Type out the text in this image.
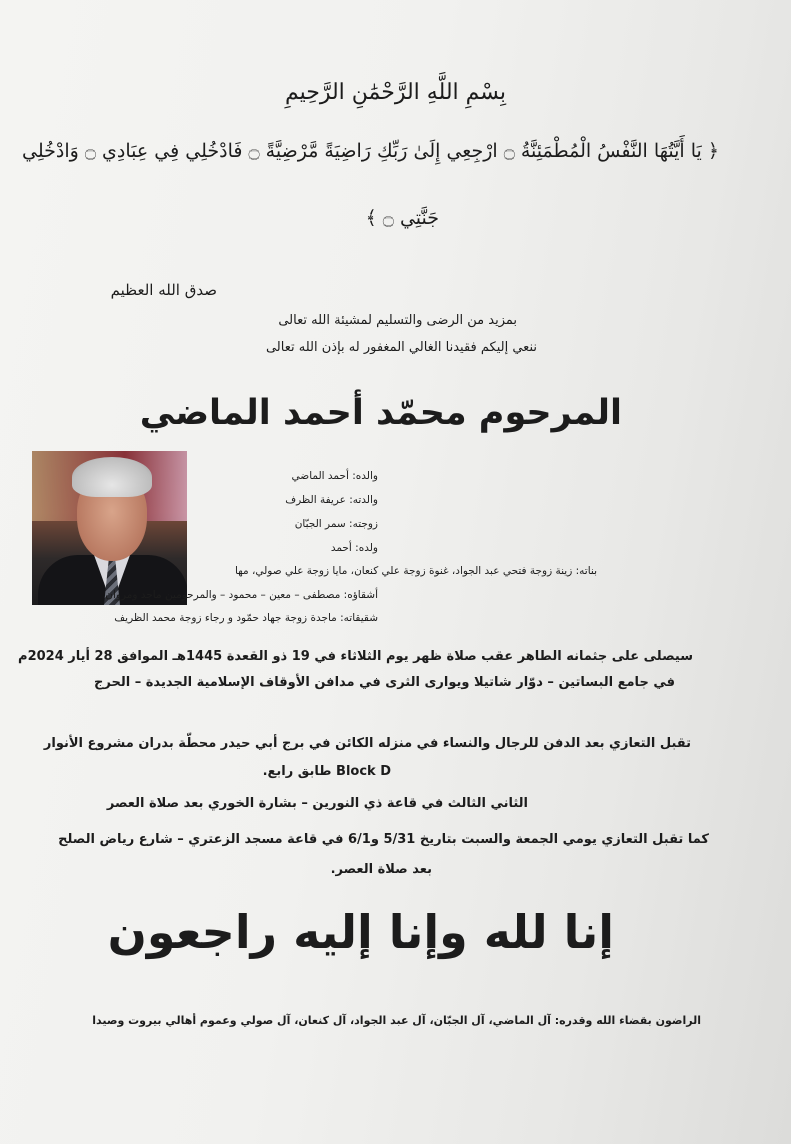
بِسْمِ اللَّهِ الرَّحْمَٰنِ الرَّحِيمِ
﴿ يَا أَيَّتُهَا النَّفْسُ الْمُطْمَئِنَّةُ ۝ ارْجِعِي إِلَىٰ رَبِّكِ رَاضِيَةً مَّرْضِيَّةً ۝ فَادْخُلِي فِي عِبَادِي ۝ وَادْخُلِي
جَنَّتِي ۝ ﴾
صدق الله العظيم
بمزيد من الرضى والتسليم لمشيئة الله تعالى
ننعي إليكم فقيدنا الغالي المغفور له بإذن الله تعالى
المرحوم محمّد أحمد الماضي
والده: أحمد الماضي
والدته: عريفة الظرف
زوجته: سمر الجبّان
ولده: أحمد
بناته: زينة زوجة فتحي عبد الجواد، غنوة زوجة علي كنعان، مايا زوجة علي صولي، مها
أشقاؤه: مصطفى – معين – محمود – والمرحومين ماجد ومروان
شقيقاته: ماجدة زوجة جهاد حمّود و رجاء زوجة محمد الظريف
سيصلى على جثمانه الطاهر عقب صلاة ظهر يوم الثلاثاء في 19 ذو القعدة 1445هـ الموافق 28 أيار 2024م
في جامع البساتين – دوّار شاتيلا ويوارى الثرى في مدافن الأوقاف الإسلامية الجديدة – الحرج
تقبل التعازي بعد الدفن للرجال والنساء في منزله الكائن في برج أبي حيدر محطّة بدران مشروع الأنوار
Block D طابق رابع.
الثاني الثالث في قاعة ذي النورين – بشارة الخوري بعد صلاة العصر
كما تقبل التعازي يومي الجمعة والسبت بتاريخ 5/31 و6/1 في قاعة مسجد الزعتري – شارع رياض الصلح
بعد صلاة العصر.
إنا لله وإنا إليه راجعون
الراضون بقضاء الله وقدره: آل الماضي، آل الجبّان، آل عبد الجواد، آل كنعان، آل صولي وعموم أهالي بيروت وصيدا
